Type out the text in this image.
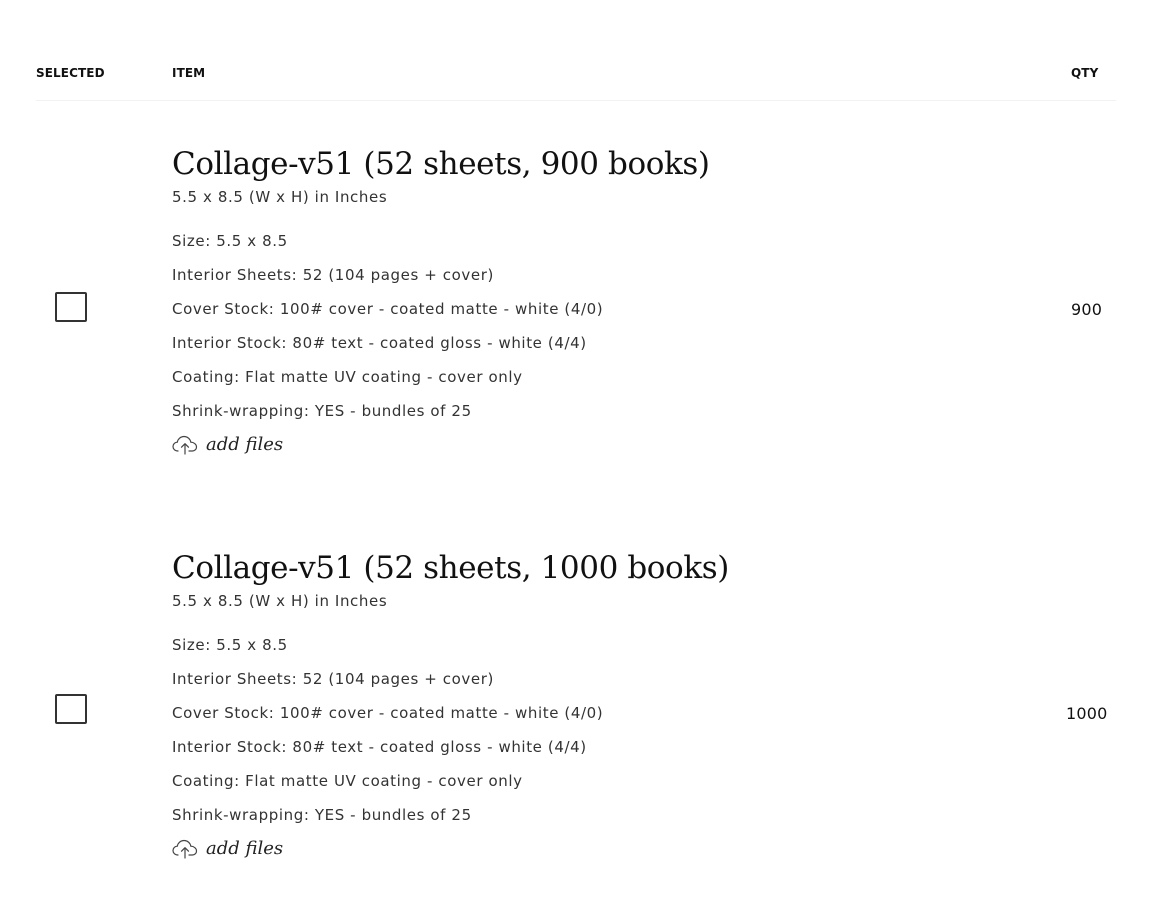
SELECTED	ITEM	QTY
Collage-v51 (52 sheets, 900 books)
5.5 x 8.5 (W x H) in Inches
Size: 5.5 x 8.5
Interior Sheets: 52 (104 pages + cover)
Cover Stock: 100# cover - coated matte - white (4/0)
Interior Stock: 80# text - coated gloss - white (4/4)
Coating: Flat matte UV coating - cover only
Shrink-wrapping: YES - bundles of 25
add files
900
Collage-v51 (52 sheets, 1000 books)
5.5 x 8.5 (W x H) in Inches
Size: 5.5 x 8.5
Interior Sheets: 52 (104 pages + cover)
Cover Stock: 100# cover - coated matte - white (4/0)
Interior Stock: 80# text - coated gloss - white (4/4)
Coating: Flat matte UV coating - cover only
Shrink-wrapping: YES - bundles of 25
add files
1000
